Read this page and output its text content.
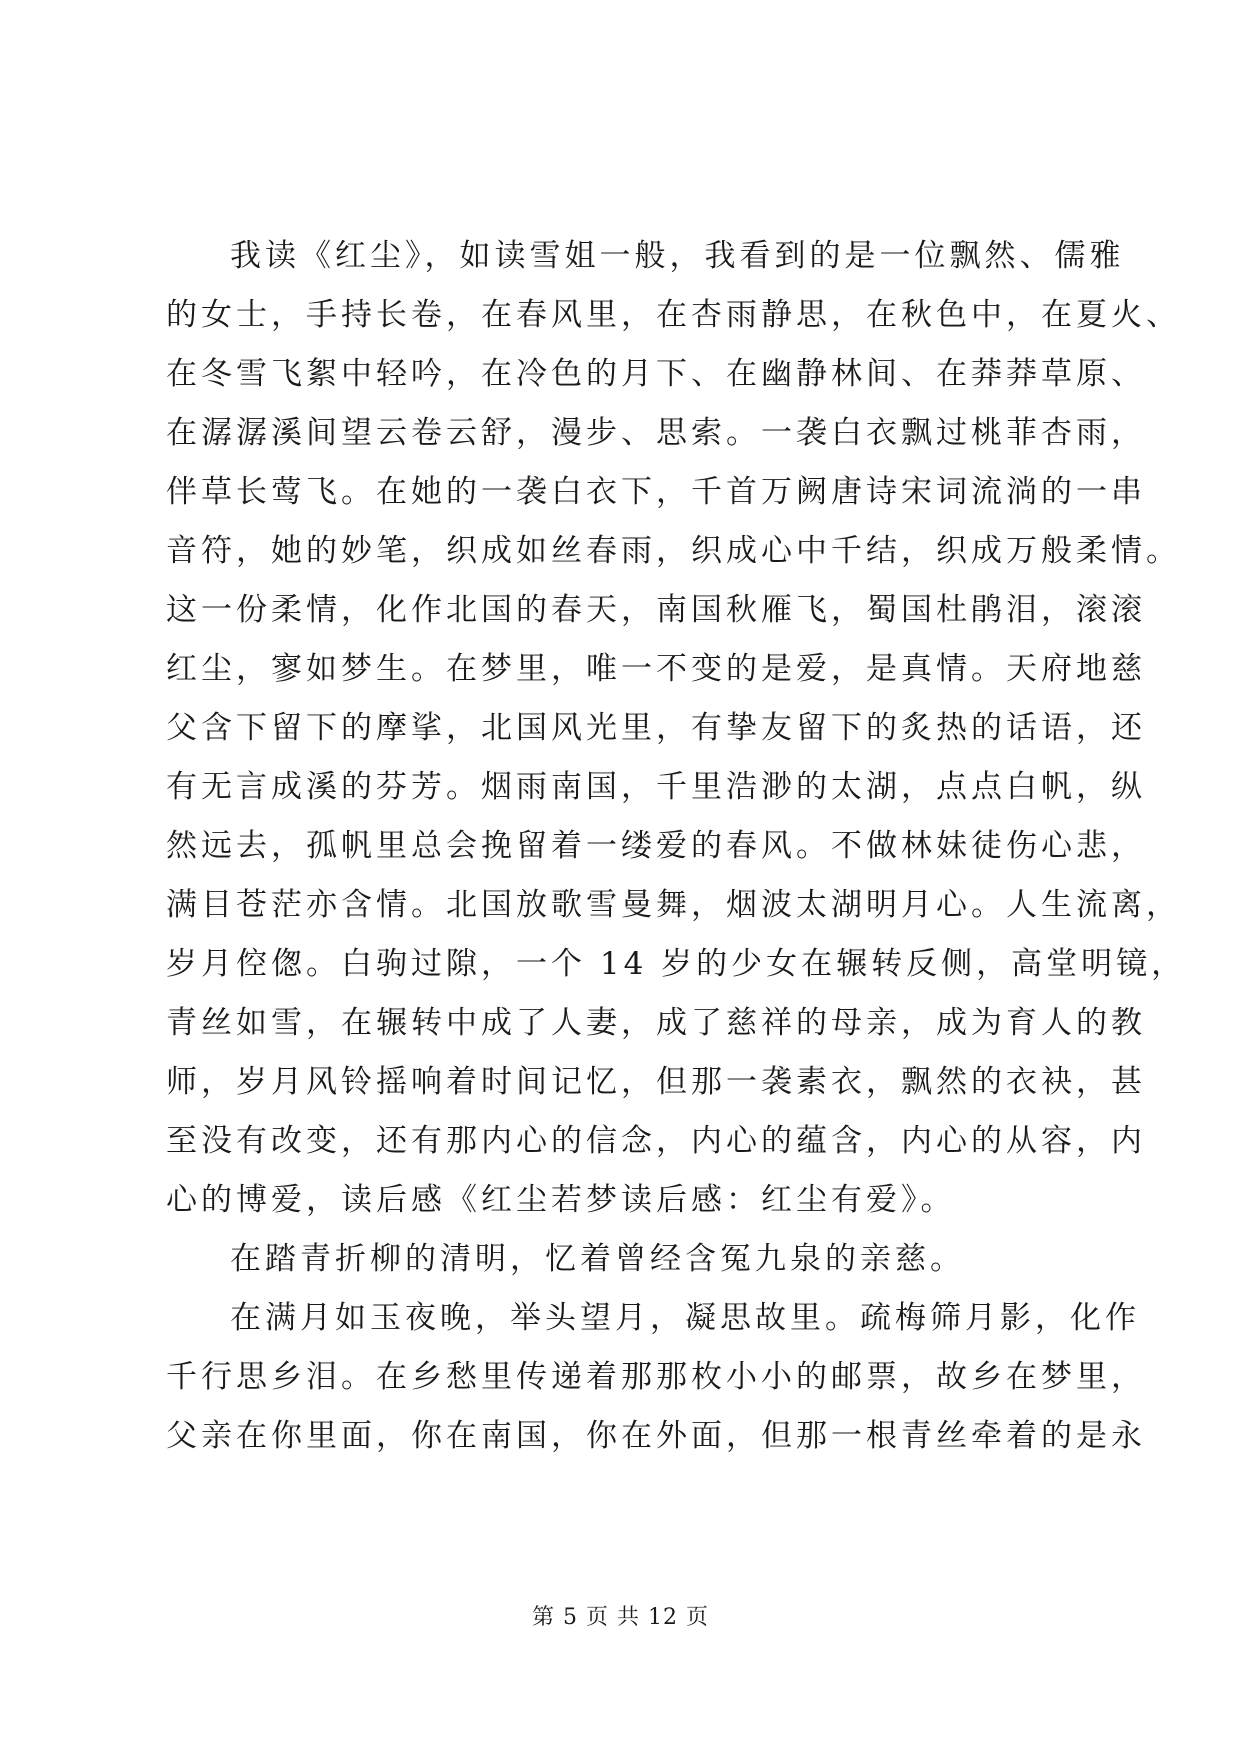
我读《红尘》，如读雪姐一般，我看到的是一位飘然、儒雅
的女士，手持长卷，在春风里，在杏雨静思，在秋色中，在夏火、
在冬雪飞絮中轻吟，在冷色的月下、在幽静林间、在莽莽草原、
在潺潺溪间望云卷云舒，漫步、思索。一袭白衣飘过桃菲杏雨，
伴草长莺飞。在她的一袭白衣下，千首万阙唐诗宋词流淌的一串
音符，她的妙笔，织成如丝春雨，织成心中千结，织成万般柔情。
这一份柔情，化作北国的春天，南国秋雁飞，蜀国杜鹃泪，滚滚
红尘，寥如梦生。在梦里，唯一不变的是爱，是真情。天府地慈
父含下留下的摩挲，北国风光里，有挚友留下的炙热的话语，还
有无言成溪的芬芳。烟雨南国，千里浩渺的太湖，点点白帆，纵
然远去，孤帆里总会挽留着一缕爱的春风。不做林妹徒伤心悲，
满目苍茫亦含情。北国放歌雪曼舞，烟波太湖明月心。人生流离，
岁月倥偬。白驹过隙，一个 14 岁的少女在辗转反侧，高堂明镜，
青丝如雪，在辗转中成了人妻，成了慈祥的母亲，成为育人的教
师，岁月风铃摇响着时间记忆，但那一袭素衣，飘然的衣袂，甚
至没有改变，还有那内心的信念，内心的蕴含，内心的从容，内
心的博爱，读后感《红尘若梦读后感：红尘有爱》。
在踏青折柳的清明，忆着曾经含冤九泉的亲慈。
在满月如玉夜晚，举头望月，凝思故里。疏梅筛月影，化作
千行思乡泪。在乡愁里传递着那那枚小小的邮票，故乡在梦里，
父亲在你里面，你在南国，你在外面，但那一根青丝牵着的是永
第 5 页 共 12 页
